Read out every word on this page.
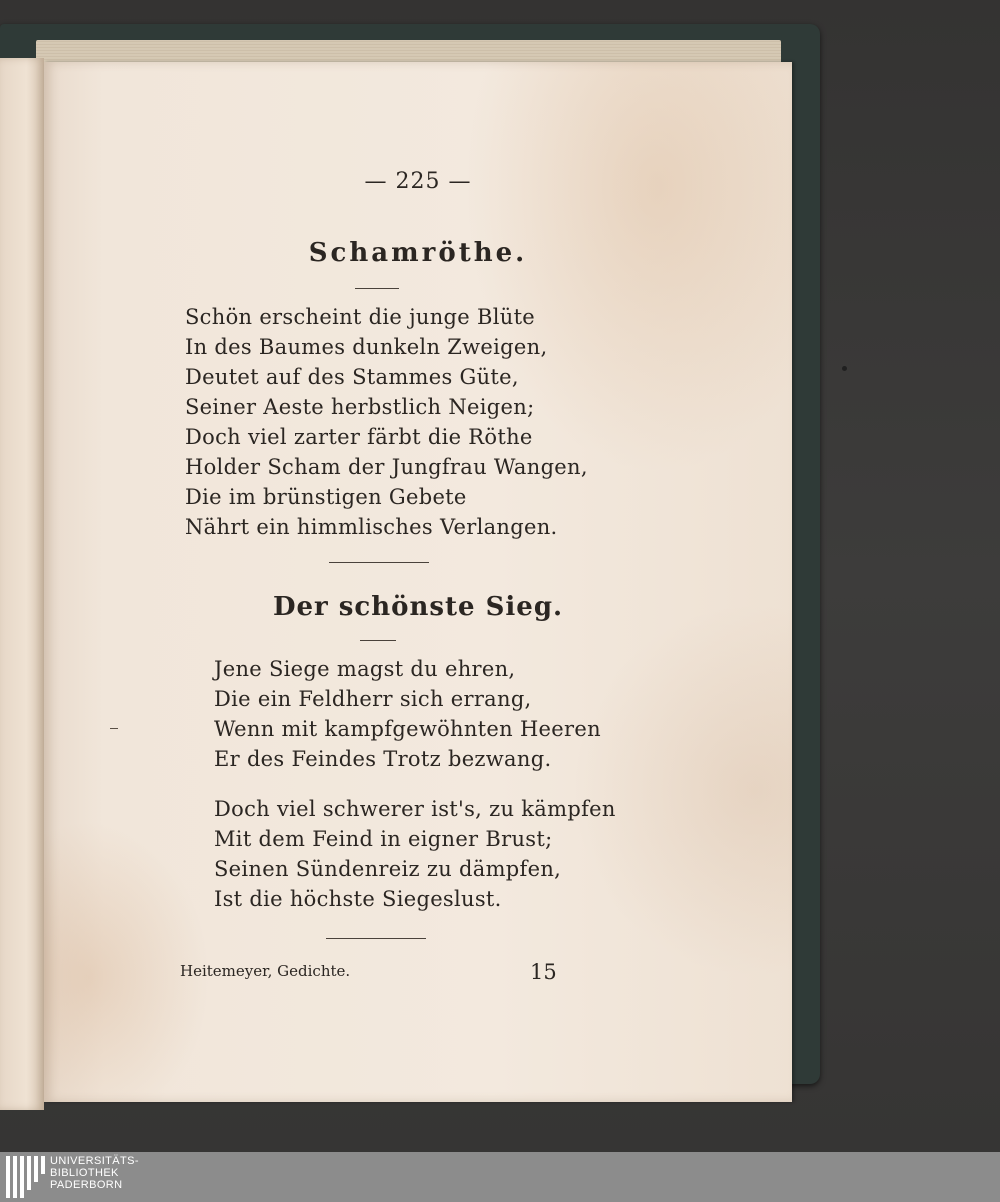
— 225 —
Schamröthe.
Schön erscheint die junge Blüte
In des Baumes dunkeln Zweigen,
Deutet auf des Stammes Güte,
Seiner Aeste herbstlich Neigen;
Doch viel zarter färbt die Röthe
Holder Scham der Jungfrau Wangen,
Die im brünstigen Gebete
Nährt ein himmlisches Verlangen.
Der schönste Sieg.
Jene Siege magst du ehren,
Die ein Feldherr sich errang,
Wenn mit kampfgewöhnten Heeren
Er des Feindes Trotz bezwang.
Doch viel schwerer ist's, zu kämpfen
Mit dem Feind in eigner Brust;
Seinen Sündenreiz zu dämpfen,
Ist die höchste Siegeslust.
Heitemeyer, Gedichte.	15
UNIVERSITÄTS-
BIBLIOTHEK
PADERBORN
